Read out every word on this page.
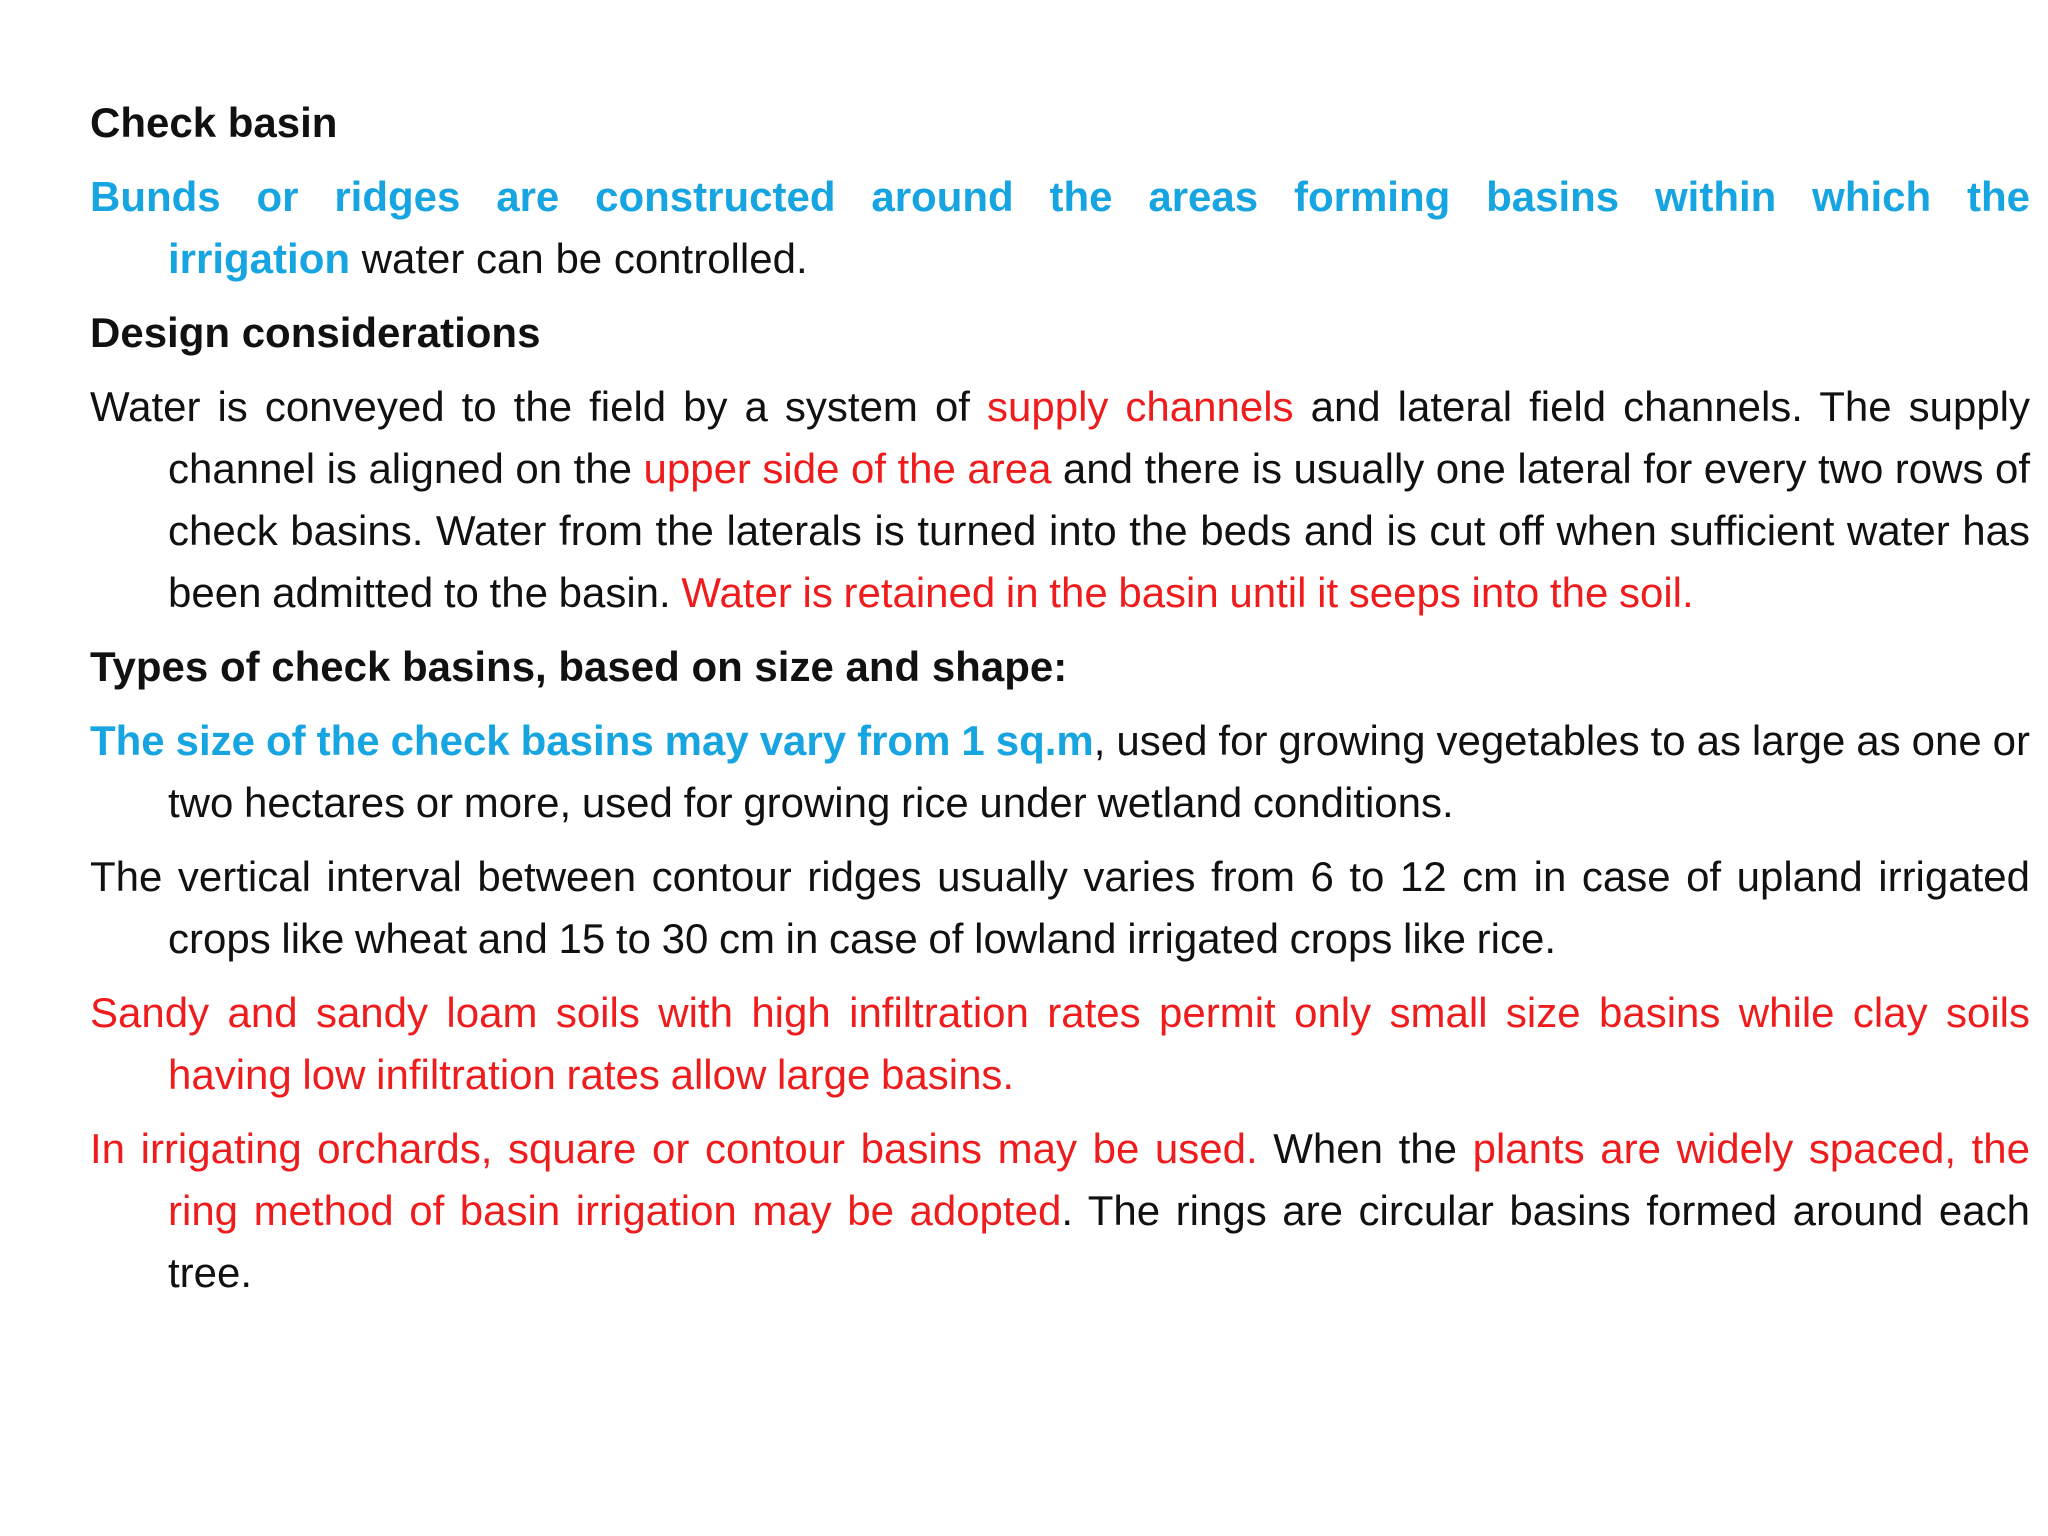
Check basin

Bunds or ridges are constructed around the areas forming basins within which the irrigation water can be controlled.

Design considerations

Water is conveyed to the field by a system of supply channels and lateral field channels. The supply channel is aligned on the upper side of the area and there is usually one lateral for every two rows of check basins. Water from the laterals is turned into the beds and is cut off when sufficient water has been admitted to the basin. Water is retained in the basin until it seeps into the soil.

Types of check basins, based on size and shape:

The size of the check basins may vary from 1 sq.m, used for growing vegetables to as large as one or two hectares or more, used for growing rice under wetland conditions.

The vertical interval between contour ridges usually varies from 6 to 12 cm in case of upland irrigated crops like wheat and 15 to 30 cm in case of lowland irrigated crops like rice.

Sandy and sandy loam soils with high infiltration rates permit only small size basins while clay soils having low infiltration rates allow large basins.

In irrigating orchards, square or contour basins may be used. When the plants are widely spaced, the ring method of basin irrigation may be adopted. The rings are circular basins formed around each tree.
